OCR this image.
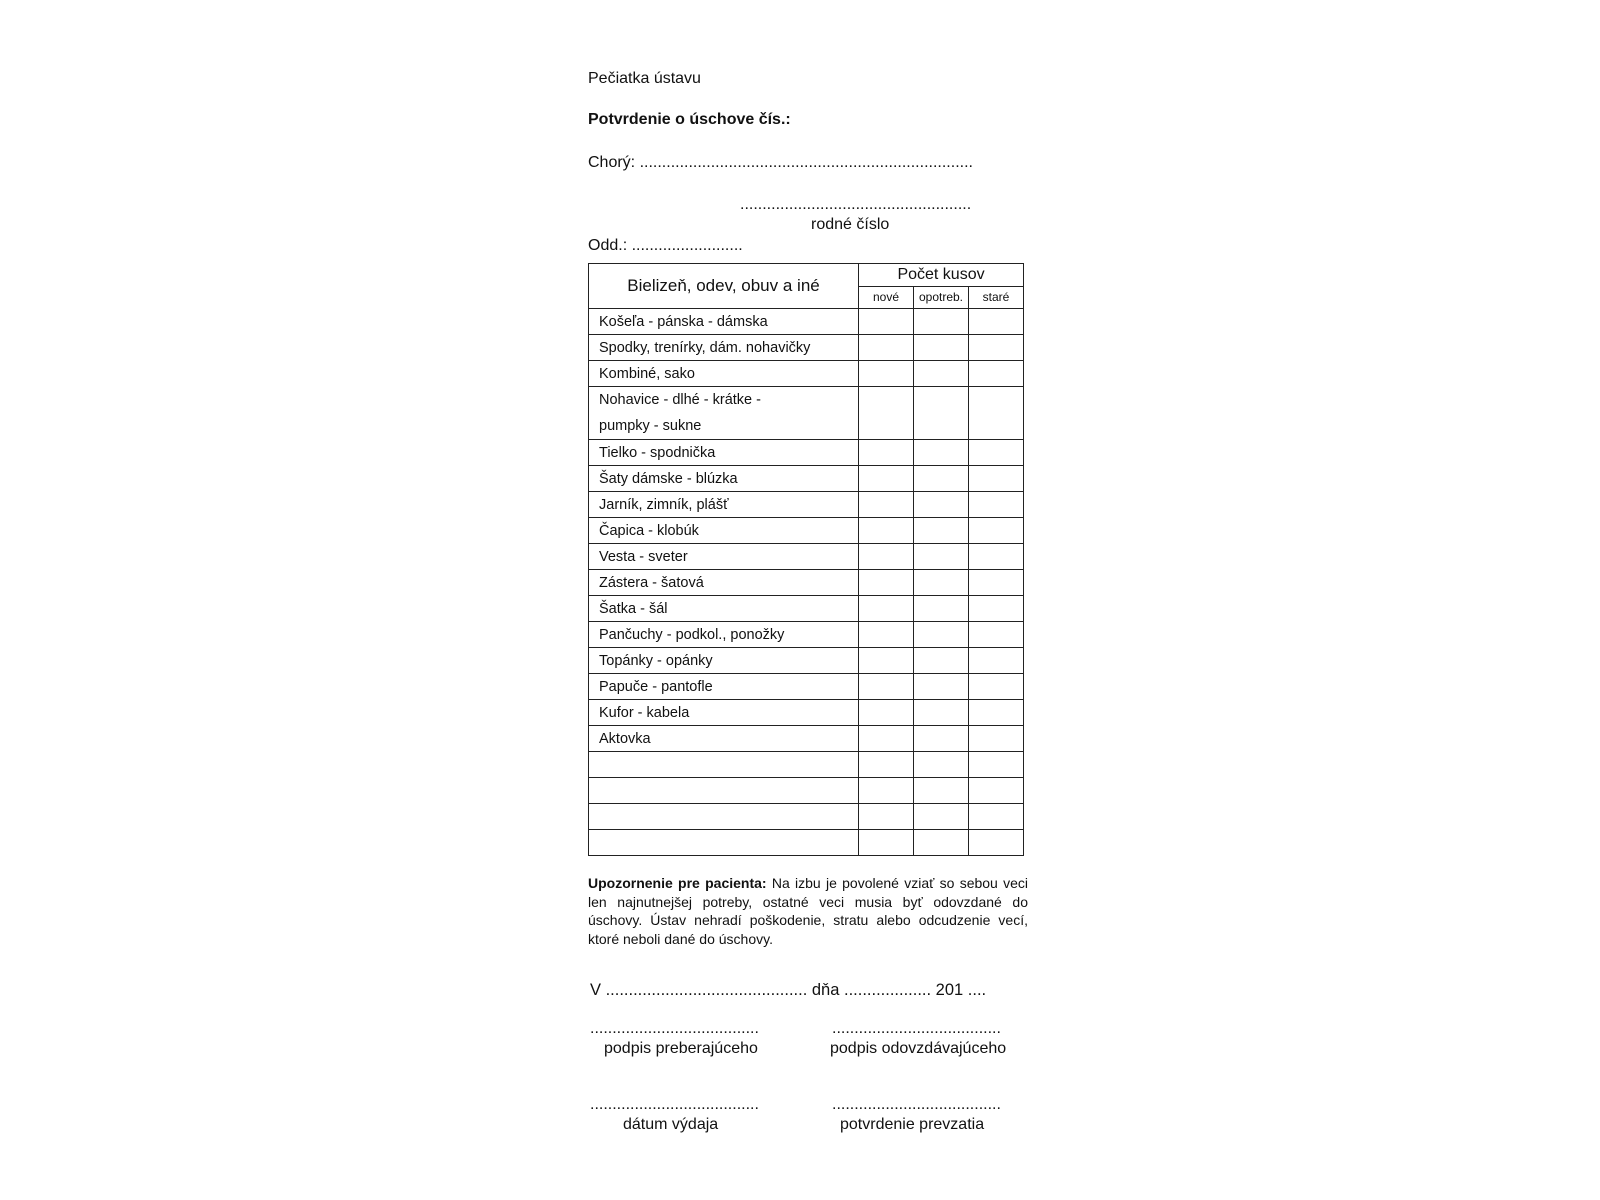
Pečiatka ústavu
Potvrdenie o úschove čís.:
Chorý: ...........................................................................
....................................................
rodné číslo
Odd.: .........................
Bielizeň, odev, obuv a iné	Počet kusov		
	nové	opotreb.	staré
Košeľa - pánska - dámska			
Spodky, trenírky, dám. nohavičky			
Kombiné, sako			

Nohavice - dlhé - krátke -
pumpky - sukne			

Tielko - spodnička			
Šaty dámske - blúzka			
Jarník, zimník, plášť			
Čapica - klobúk			
Vesta - sveter			
Zástera - šatová			
Šatka - šál			
Pančuchy - podkol., ponožky			
Topánky - opánky			
Papuče - pantofle			
Kufor - kabela			
Aktovka			

Upozornenie pre pacienta: Na izbu je povolené vziať so sebou veci len najnutnejšej potreby, ostatné veci musia byť odovzdané do úschovy. Ústav nehradí poškodenie, stratu alebo odcudzenie vecí, ktoré neboli dané do úschovy.
V ............................................ dňa ................... 201 ....
......................................
podpis preberajúceho
......................................
podpis odovzdávajúceho
......................................
dátum výdaja
......................................
potvrdenie prevzatia
